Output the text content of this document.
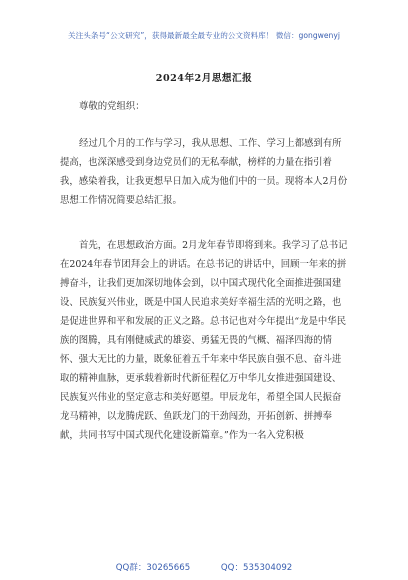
关注头条号“公文研究”，获得最新最全最专业的公文资料库！ 微信：gongwenyj
2024年2月思想汇报
尊敬的党组织：
经过几个月的工作与学习，我从思想、工作、学习上都感到有所提高，也深深感受到身边党员们的无私奉献，榜样的力量在指引着我，感染着我，让我更想早日加入成为他们中的一员。现将本人2月份思想工作情况简要总结汇报。
首先，在思想政治方面。2月龙年春节即将到来。我学习了总书记在2024年春节团拜会上的讲话。在总书记的讲话中，回顾一年来的拼搏奋斗，让我们更加深切地体会到，以中国式现代化全面推进强国建设、民族复兴伟业，既是中国人民追求美好幸福生活的光明之路，也是促进世界和平和发展的正义之路。总书记也对今年提出“龙是中华民族的图腾，具有刚健威武的雄姿、勇猛无畏的气概、福泽四海的情怀、强大无比的力量，既象征着五千年来中华民族自强不息、奋斗进取的精神血脉，更承载着新时代新征程亿万中华儿女推进强国建设、民族复兴伟业的坚定意志和美好愿望。甲辰龙年，希望全国人民振奋龙马精神，以龙腾虎跃、鱼跃龙门的干劲闯劲，开拓创新、拼搏奉献，共同书写中国式现代化建设新篇章。”作为一名入党积极
QQ群：30265665	QQ：535304092
